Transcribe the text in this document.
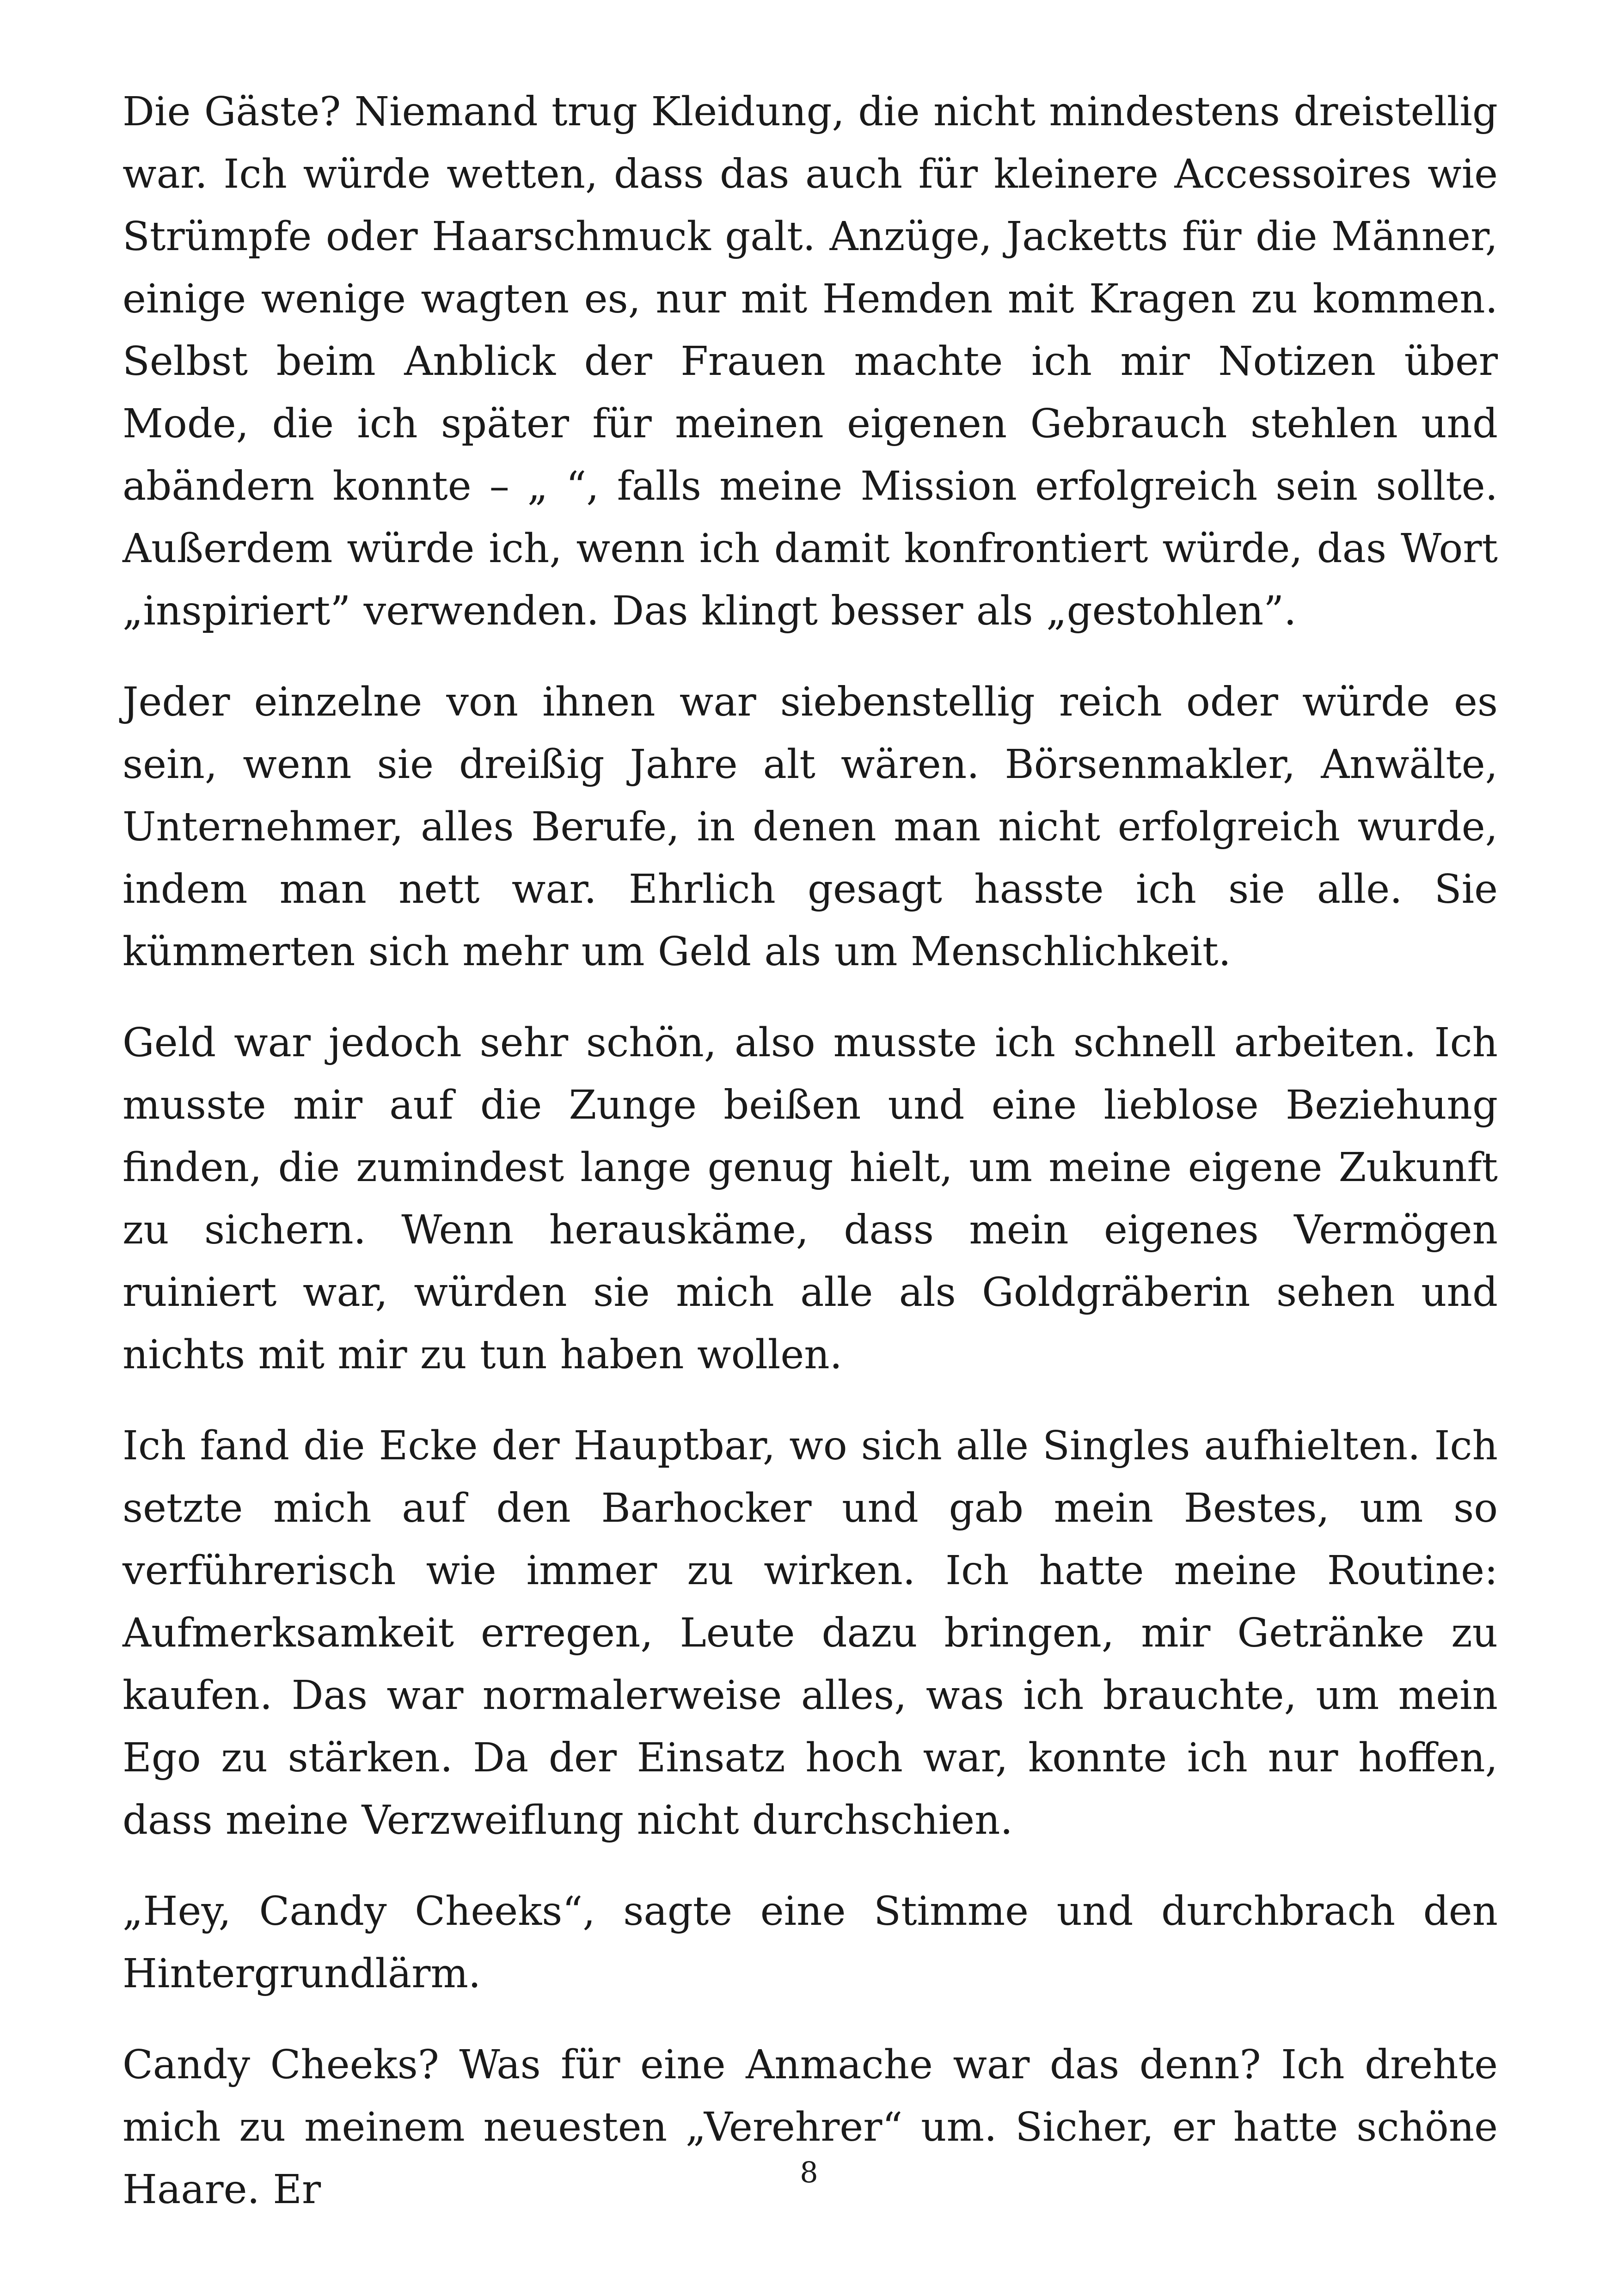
Die Gäste? Niemand trug Kleidung, die nicht mindestens dreistellig war. Ich würde wetten, dass das auch für kleinere Accessoires wie Strümpfe oder Haarschmuck galt. Anzüge, Jacketts für die Männer, einige wenige wagten es, nur mit Hemden mit Kragen zu kommen. Selbst beim Anblick der Frauen machte ich mir Notizen über Mode, die ich später für meinen eigenen Gebrauch stehlen und abändern konnte – „ “, falls meine Mission erfolgreich sein sollte. Außerdem würde ich, wenn ich damit konfrontiert würde, das Wort „inspiriert” verwenden. Das klingt besser als „gestohlen”.

Jeder einzelne von ihnen war siebenstellig reich oder würde es sein, wenn sie dreißig Jahre alt wären. Börsenmakler, Anwälte, Unternehmer, alles Berufe, in denen man nicht erfolgreich wurde, indem man nett war. Ehrlich gesagt hasste ich sie alle. Sie kümmerten sich mehr um Geld als um Menschlichkeit.

Geld war jedoch sehr schön, also musste ich schnell arbeiten. Ich musste mir auf die Zunge beißen und eine lieblose Beziehung finden, die zumindest lange genug hielt, um meine eigene Zukunft zu sichern. Wenn herauskäme, dass mein eigenes Vermögen ruiniert war, würden sie mich alle als Goldgräberin sehen und nichts mit mir zu tun haben wollen.

Ich fand die Ecke der Hauptbar, wo sich alle Singles aufhielten. Ich setzte mich auf den Barhocker und gab mein Bestes, um so verführerisch wie immer zu wirken. Ich hatte meine Routine: Aufmerksamkeit erregen, Leute dazu bringen, mir Getränke zu kaufen. Das war normalerweise alles, was ich brauchte, um mein Ego zu stärken. Da der Einsatz hoch war, konnte ich nur hoffen, dass meine Verzweiflung nicht durchschien.

„Hey, Candy Cheeks“, sagte eine Stimme und durchbrach den Hintergrundlärm.

Candy Cheeks? Was für eine Anmache war das denn? Ich drehte mich zu meinem neuesten „Verehrer“ um. Sicher, er hatte schöne Haare. Er	8
